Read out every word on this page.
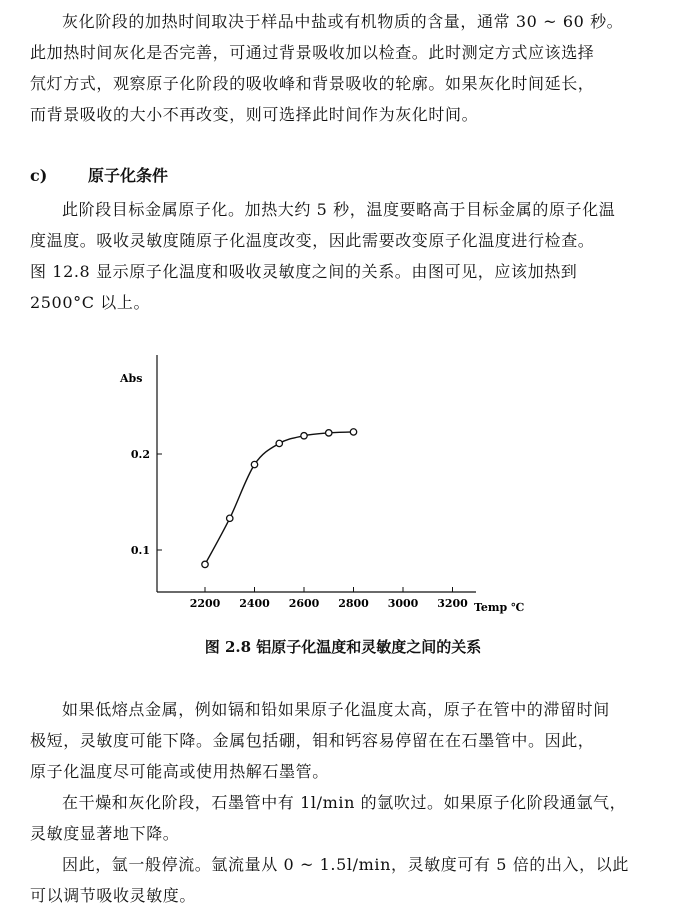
灰化阶段的加热时间取决于样品中盐或有机物质的含量，通常 30 ~ 60 秒。
此加热时间灰化是否完善，可通过背景吸收加以检查。此时测定方式应该选择
氘灯方式，观察原子化阶段的吸收峰和背景吸收的轮廓。如果灰化时间延长，
而背景吸收的大小不再改变，则可选择此时间作为灰化时间。

c)	原子化条件

此阶段目标金属原子化。加热大约 5 秒，温度要略高于目标金属的原子化温
度温度。吸收灵敏度随原子化温度改变，因此需要改变原子化温度进行检查。
图 12.8 显示原子化温度和吸收灵敏度之间的关系。由图可见，应该加热到
2500°C 以上。

Abs
Temp ℃
0.1
0.2
2200 2400 2600 2800 3000 3200
图 2.8 铝原子化温度和灵敏度之间的关系

如果低熔点金属，例如镉和铅如果原子化温度太高，原子在管中的滞留时间
极短，灵敏度可能下降。金属包括硼，钼和钙容易停留在在石墨管中。因此，
原子化温度尽可能高或使用热解石墨管。

在干燥和灰化阶段，石墨管中有 1l/min 的氩吹过。如果原子化阶段通氩气，
灵敏度显著地下降。

因此，氩一般停流。氩流量从 0 ~ 1.5l/min，灵敏度可有 5 倍的出入，以此
可以调节吸收灵敏度。
